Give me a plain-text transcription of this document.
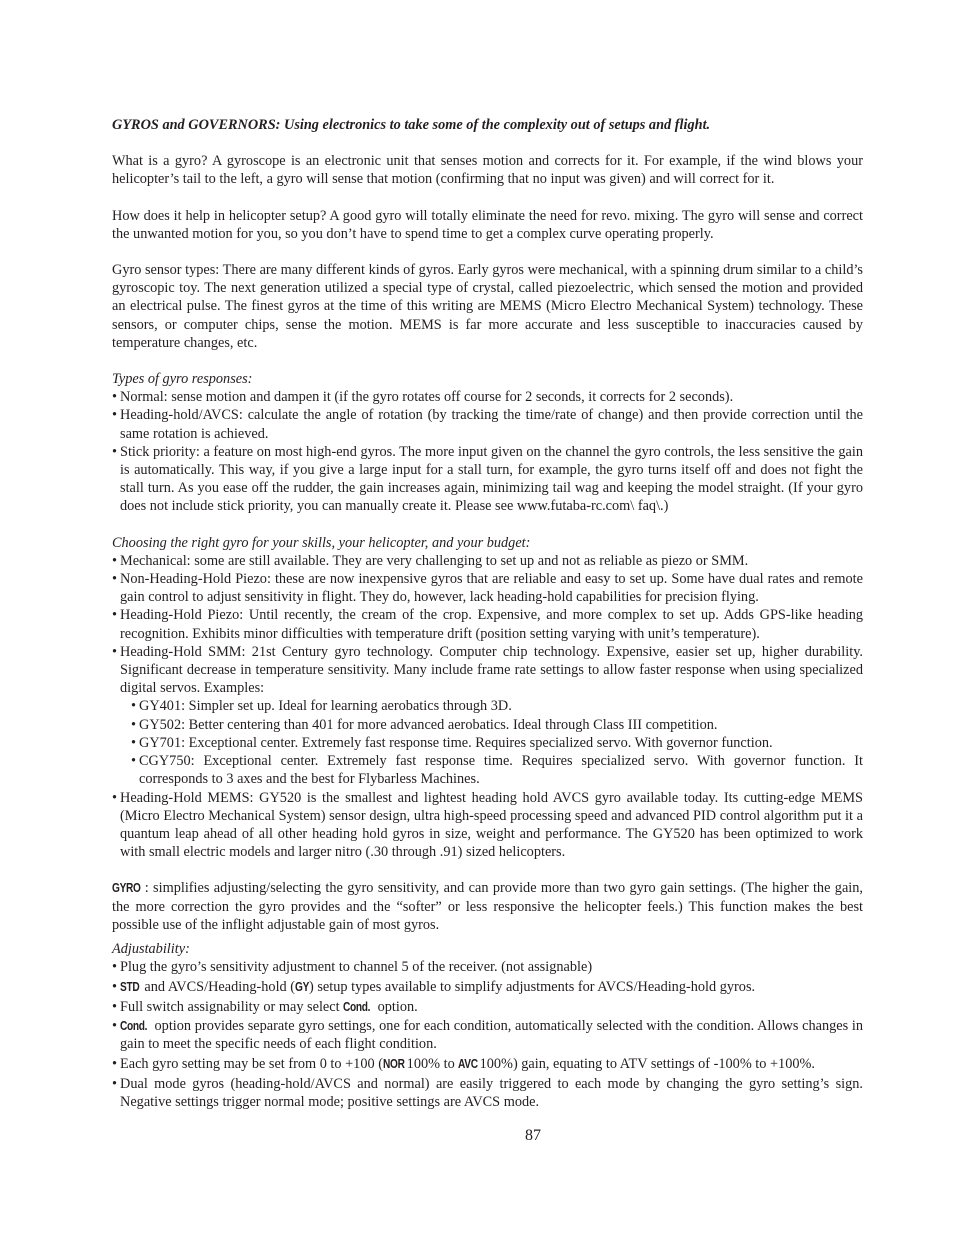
GYROS and GOVERNORS: Using electronics to take some of the complexity out of setups and flight.

What is a gyro? A gyroscope is an electronic unit that senses motion and corrects for it. For example, if the wind blows your helicopter’s tail to the left, a gyro will sense that motion (confirming that no input was given) and will correct for it.

How does it help in helicopter setup? A good gyro will totally eliminate the need for revo. mixing. The gyro will sense and correct the unwanted motion for you, so you don’t have to spend time to get a complex curve operating properly.

Gyro sensor types: There are many different kinds of gyros. Early gyros were mechanical, with a spinning drum similar to a child’s gyroscopic toy. The next generation utilized a special type of crystal, called piezoelectric, which sensed the motion and provided an electrical pulse. The finest gyros at the time of this writing are MEMS (Micro Electro Mechanical System) technology. These sensors, or computer chips, sense the motion. MEMS is far more accurate and less susceptible to inaccuracies caused by temperature changes, etc.

Types of gyro responses:

• Normal: sense motion and dampen it (if the gyro rotates off course for 2 seconds, it corrects for 2 seconds).
• Heading-hold/AVCS: calculate the angle of rotation (by tracking the time/rate of change) and then provide correction until the same rotation is achieved.
• Stick priority: a feature on most high-end gyros. The more input given on the channel the gyro controls, the less sensitive the gain is automatically. This way, if you give a large input for a stall turn, for example, the gyro turns itself off and does not fight the stall turn. As you ease off the rudder, the gain increases again, minimizing tail wag and keeping the model straight. (If your gyro does not include stick priority, you can manually create it. Please see www.futaba-rc.com\ faq\.)

Choosing the right gyro for your skills, your helicopter, and your budget:

• Mechanical: some are still available. They are very challenging to set up and not as reliable as piezo or SMM.
• Non-Heading-Hold Piezo: these are now inexpensive gyros that are reliable and easy to set up. Some have dual rates and remote gain control to adjust sensitivity in flight. They do, however, lack heading-hold capabilities for precision flying.
• Heading-Hold Piezo: Until recently, the cream of the crop. Expensive, and more complex to set up. Adds GPS-like heading recognition. Exhibits minor difficulties with temperature drift (position setting varying with unit’s temperature).
• Heading-Hold SMM: 21st Century gyro technology. Computer chip technology. Expensive, easier set up, higher durability. Significant decrease in temperature sensitivity. Many include frame rate settings to allow faster response when using specialized digital servos. Examples:
• GY401: Simpler set up. Ideal for learning aerobatics through 3D.
• GY502: Better centering than 401 for more advanced aerobatics. Ideal through Class III competition.
• GY701: Exceptional center. Extremely fast response time. Requires specialized servo. With governor function.
• CGY750: Exceptional center. Extremely fast response time. Requires specialized servo. With governor function. It corresponds to 3 axes and the best for Flybarless Machines.
• Heading-Hold MEMS: GY520 is the smallest and lightest heading hold AVCS gyro available today. Its cutting-edge MEMS (Micro Electro Mechanical System) sensor design, ultra high-speed processing speed and advanced PID control algorithm put it a quantum leap ahead of all other heading hold gyros in size, weight and performance. The GY520 has been optimized to work with small electric models and larger nitro (.30 through .91) sized helicopters.

GYRO : simplifies adjusting/selecting the gyro sensitivity, and can provide more than two gyro gain settings. (The higher the gain, the more correction the gyro provides and the “softer” or less responsive the helicopter feels.) This function makes the best possible use of the inflight adjustable gain of most gyros.

Adjustability:

• Plug the gyro’s sensitivity adjustment to channel 5 of the receiver. (not assignable)
• STD and AVCS/Heading-hold (GY) setup types available to simplify adjustments for AVCS/Heading-hold gyros.
• Full switch assignability or may select Cond. option.
• Cond. option provides separate gyro settings, one for each condition, automatically selected with the condition. Allows changes in gain to meet the specific needs of each flight condition.
• Each gyro setting may be set from 0 to +100 (NOR 100% to AVC 100%) gain, equating to ATV settings of -100% to +100%.
• Dual mode gyros (heading-hold/AVCS and normal) are easily triggered to each mode by changing the gyro setting’s sign. Negative settings trigger normal mode; positive settings are AVCS mode.
87
